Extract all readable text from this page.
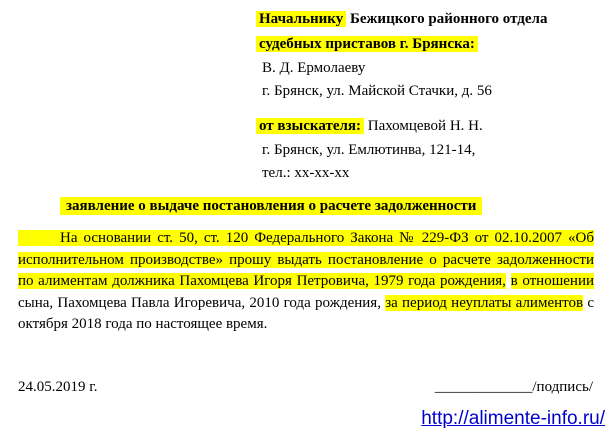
Начальнику Бежицкого районного отдела
судебных приставов г. Брянска:
В. Д. Ермолаеву
г. Брянск, ул. Майской Стачки, д. 56
от взыскателя: Пахомцевой Н. Н.
г. Брянск, ул. Емлютинва, 121-14,
тел.: хх-хх-хх
заявление о выдаче постановления о расчете задолженности
На основании ст. 50, ст. 120 Федерального Закона № 229-ФЗ от 02.10.2007 «Об исполнительном производстве» прошу выдать постановление о расчете задолженности по алиментам должника Пахомцева Игоря Петровича, 1979 года рождения, в отношении сына, Пахомцева Павла Игоревича, 2010 года рождения, за период неуплаты алиментов с октября 2018 года по настоящее время.
24.05.2019 г.	_____________/подпись/
http://alimente-info.ru/
